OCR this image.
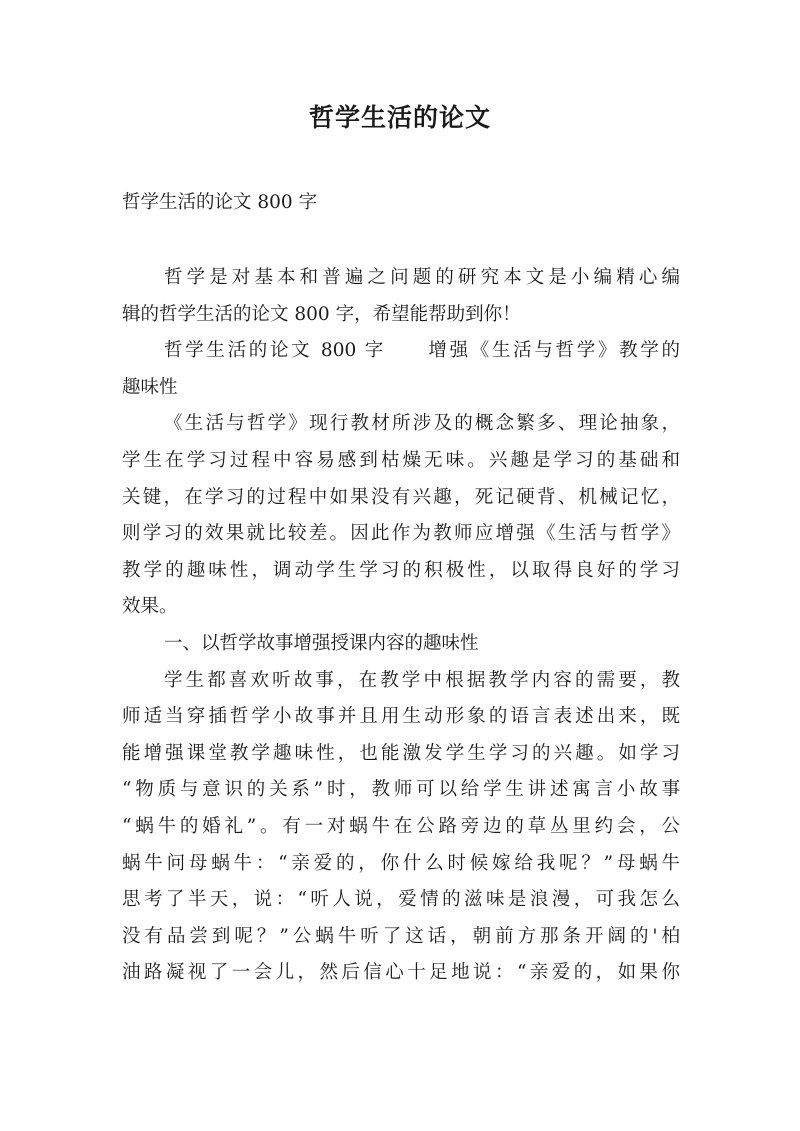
哲学生活的论文
哲学生活的论文 800 字
哲学是对基本和普遍之问题的研究本文是小编精心编
辑的哲学生活的论文 800 字，希望能帮助到你！
哲学生活的论文 800 字　　增强《生活与哲学》教学的
趣味性
《生活与哲学》现行教材所涉及的概念繁多、理论抽象，
学生在学习过程中容易感到枯燥无味。兴趣是学习的基础和
关键，在学习的过程中如果没有兴趣，死记硬背、机械记忆，
则学习的效果就比较差。因此作为教师应增强《生活与哲学》
教学的趣味性，调动学生学习的积极性，以取得良好的学习
效果。
一、以哲学故事增强授课内容的趣味性
学生都喜欢听故事，在教学中根据教学内容的需要，教
师适当穿插哲学小故事并且用生动形象的语言表述出来，既
能增强课堂教学趣味性，也能激发学生学习的兴趣。如学习
“物质与意识的关系”时，教师可以给学生讲述寓言小故事
“蜗牛的婚礼”。有一对蜗牛在公路旁边的草丛里约会，公
蜗牛问母蜗牛：“亲爱的，你什么时候嫁给我呢？”母蜗牛
思考了半天，说：“听人说，爱情的滋味是浪漫，可我怎么
没有品尝到呢？”公蜗牛听了这话，朝前方那条开阔的'柏
油路凝视了一会儿，然后信心十足地说：“亲爱的，如果你
